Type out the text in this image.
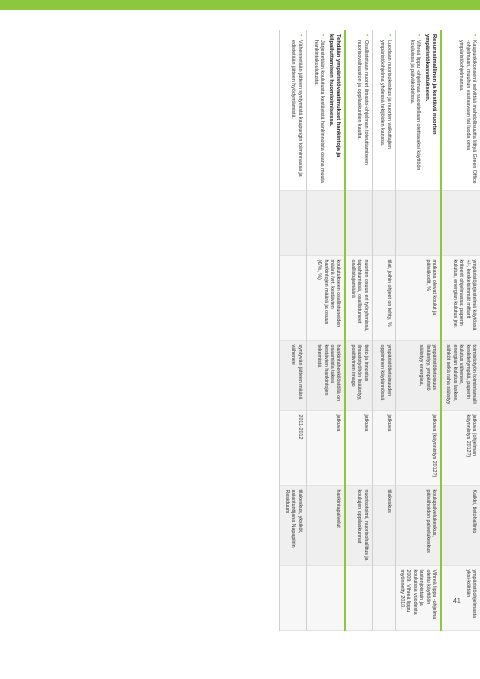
•
Kaupunkikonserni selvittää mahdollisuutta liittyä Green Office -ohjelmaan, muuhun vastaavaan tai luoda oma ympäristöohjelmansa.		ympäristöjärjestelmä käytössä +/-, keskeisimmät mittarit kriteerit ohjelmassa: paperin kulutus, energian kulutus jne.	toimistotyön toimintamalli keskitetympää, paperin kulutus vähenee, energian kulutus laskee, sähköt sekä raha säästyy	jatkuva (ohjelman käynnistys 2012?)	Kaikki, tietohallinto	ympäristöohjelmasta yksi-köittäin

Resurssimallinen ja kestävä nuorten ympäristökasvatukseen.
•
Vihreä lippu -ohjelmaa suositellaan otettavaksi käyttöön kouluissa ja päiväkodeissa.		mukana olevat koulut ja päiväkodit, %	ympäristötietoisuus lisääntyy, ympäristö säästyy energiaa,	jatkuva (käynnistys 2012?)	koulupalvelukeskus, päivähoidon palvelukeskus	Vihreä lippu -ohjelma otettu käyttöön lastenjoistain ja kouluissa vuodesta 2009. Vihreä lippu myönnetty 2010.

•
Luodaan nuorisokeskus ja nuorten vaikuttajien ympäristöohjelma yhdessä tekijöiden kanssa.		tilat, joihin ohjeet on tehty, %	ympäristötietoisuuden oppiminen käytännössä	jatkuva	tilakeskus	

•
Osallistetaan nuoret ilmasto-ohjelman toteuttamiseen nuorisovaltuuston ja oppilaskuntien kautta.		nuorten osuus eri työryhmissä, tapahtumissä, osallistuneet osallistujamäärä	tieto ja innostus ilmastotyöhön lisääntyy, positiivinen imago	jatkuva	nuorisotoimi, nuorisohallitus ja koulujen oppilaskunnat	

Tehdään ympäristövaatimukset hankintoja ja kilpailuttamisen huomioimisessa.
•
Järjestetään koulutusta kestävistä hankinnoista osana muuta hankintakoulutusta.		koulutukseen osallistuneiden määrä /vrt. kestävien hankintojen määrä ja osuus (€/%, %)	hankintahenkilöstöllä on osaamista tukea kestävien hankintojen tekemistä	jatkuva	hankintapalvelut	

•
Vähennetään jätteen syntymistä kaupungin toiminnassa ja edistetään jätteen hyödyntämistä.			syntyvän jätteen määrä vähenee	2011-2012	tilakeskus, yksiköt, asiantuntijana Napapiirin Residuum	
41
